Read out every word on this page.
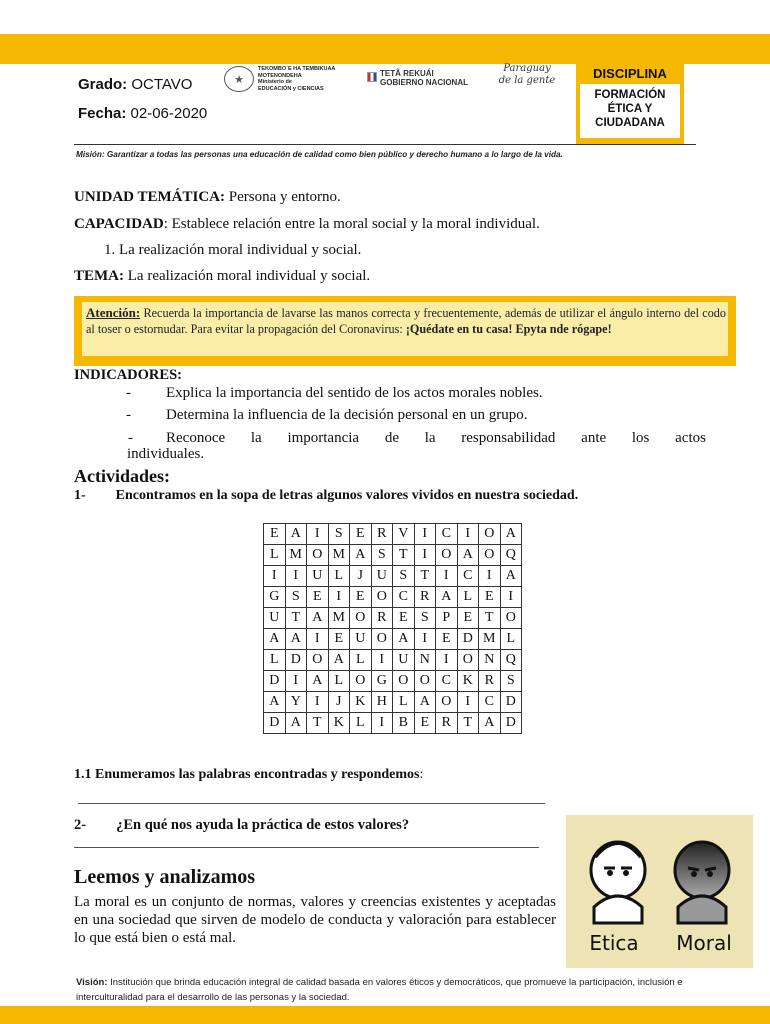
DISCIPLINA
FORMACIÓN
ÉTICA Y
CIUDADANA
Grado: OCTAVO
Fecha: 02-06-2020
★
TEKOMBO´E HA TEMBIKUAA
MOTENONDEHA
Ministerio de
EDUCACIÓN y CIENCIAS
TETÃ REKUÁI
GOBIERNO NACIONAL
Paraguay
de la gente
Misión: Garantizar a todas las personas una educación de calidad como bien público y derecho humano a lo largo de la vida.
UNIDAD TEMÁTICA: Persona y entorno.
CAPACIDAD: Establece relación entre la moral social y la moral individual.
1. La realización moral individual y social.
TEMA: La realización moral individual y social.
Atención: Recuerda la importancia de lavarse las manos correcta y frecuentemente, además de utilizar el ángulo interno del codo al toser o estornudar. Para evitar la propagación del Coronavirus: ¡Quédate en tu casa! Epyta nde rógape!
INDICADORES:
- Explica la importancia del sentido de los actos morales nobles.
- Determina la influencia de la decisión personal en un grupo.
- Reconoce la importancia de la responsabilidad ante los actos
individuales.
Actividades:
1- Encontramos en la sopa de letras algunos valores vividos en nuestra sociedad.
E	A	I	S	E	R	V	I	C	I	O	A
L	M	O	M	A	S	T	I	O	A	O	Q
I	I	U	L	J	U	S	T	I	C	I	A
G	S	E	I	E	O	C	R	A	L	E	I
U	T	A	M	O	R	E	S	P	E	T	O
A	A	I	E	U	O	A	I	E	D	M	L
L	D	O	A	L	I	U	N	I	O	N	Q
D	I	A	L	O	G	O	O	C	K	R	S
A	Y	I	J	K	H	L	A	O	I	C	D
D	A	T	K	L	I	B	E	R	T	A	D
1.1 Enumeramos las palabras encontradas y respondemos:
2- ¿En qué nos ayuda la práctica de estos valores?
Leemos y analizamos
La moral es un conjunto de normas, valores y creencias existentes y aceptadas en una sociedad que sirven de modelo de conducta y valoración para establecer lo que está bien o está mal.	Etica Moral
Visión: Institución que brinda educación integral de calidad basada en valores éticos y democráticos, que promueve la participación, inclusión e interculturalidad para el desarrollo de las personas y la sociedad.
